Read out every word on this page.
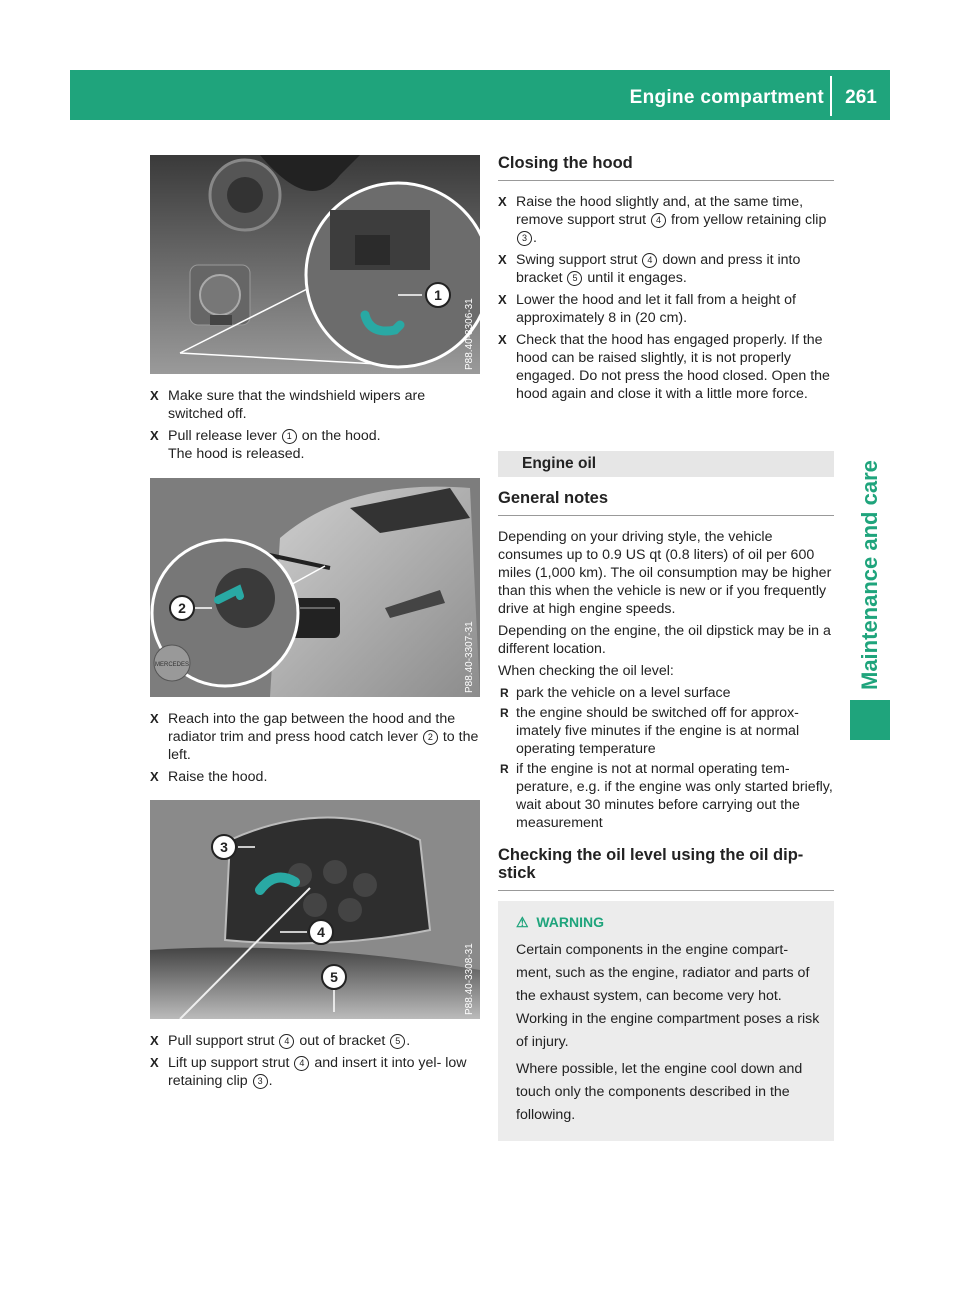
Engine compartment	261
Maintenance and care
1
P88.40-3306-31
X Make sure that the windshield wipers are switched off.
X Pull release lever 1 on the hood.
The hood is released.
MERCEDES
2
P88.40-3307-31
X Reach into the gap between the hood and the radiator trim and press hood catch lever 2 to the left.
X Raise the hood.
3
4
5	P88.40-3308-31
X Pull support strut 4 out of bracket 5 .
X Lift up support strut 4 and insert it into yel- low retaining clip 3 .
Closing the hood
X Raise the hood slightly and, at the same time, remove support strut 4 from yellow retaining clip 3 .
X Swing support strut 4 down and press it into bracket 5 until it engages.
X Lower the hood and let it fall from a height of approximately 8 in (20 cm).
X Check that the hood has engaged properly. If the hood can be raised slightly, it is not properly engaged. Do not press the hood closed. Open the hood again and close it with a little more force.
Engine oil
General notes

Depending on your driving style, the vehicle consumes up to 0.9 US qt (0.8 liters) of oil per 600 miles (1,000 km). The oil consumption may be higher than this when the vehicle is new or if you frequently drive at high engine speeds.

Depending on the engine, the oil dipstick may be in a different location.

When checking the oil level:

R park the vehicle on a level surface
R the engine should be switched off for approx- imately five minutes if the engine is at normal operating temperature
R if the engine is not at normal operating tem- perature, e.g. if the engine was only started briefly, wait about 30 minutes before carrying out the measurement
Checking the oil level using the oil dip- stick
⚠  WARNING

Certain components in the engine compart- ment, such as the engine, radiator and parts of the exhaust system, can become very hot. Working in the engine compartment poses a risk of injury.

Where possible, let the engine cool down and touch only the components described in the following.
